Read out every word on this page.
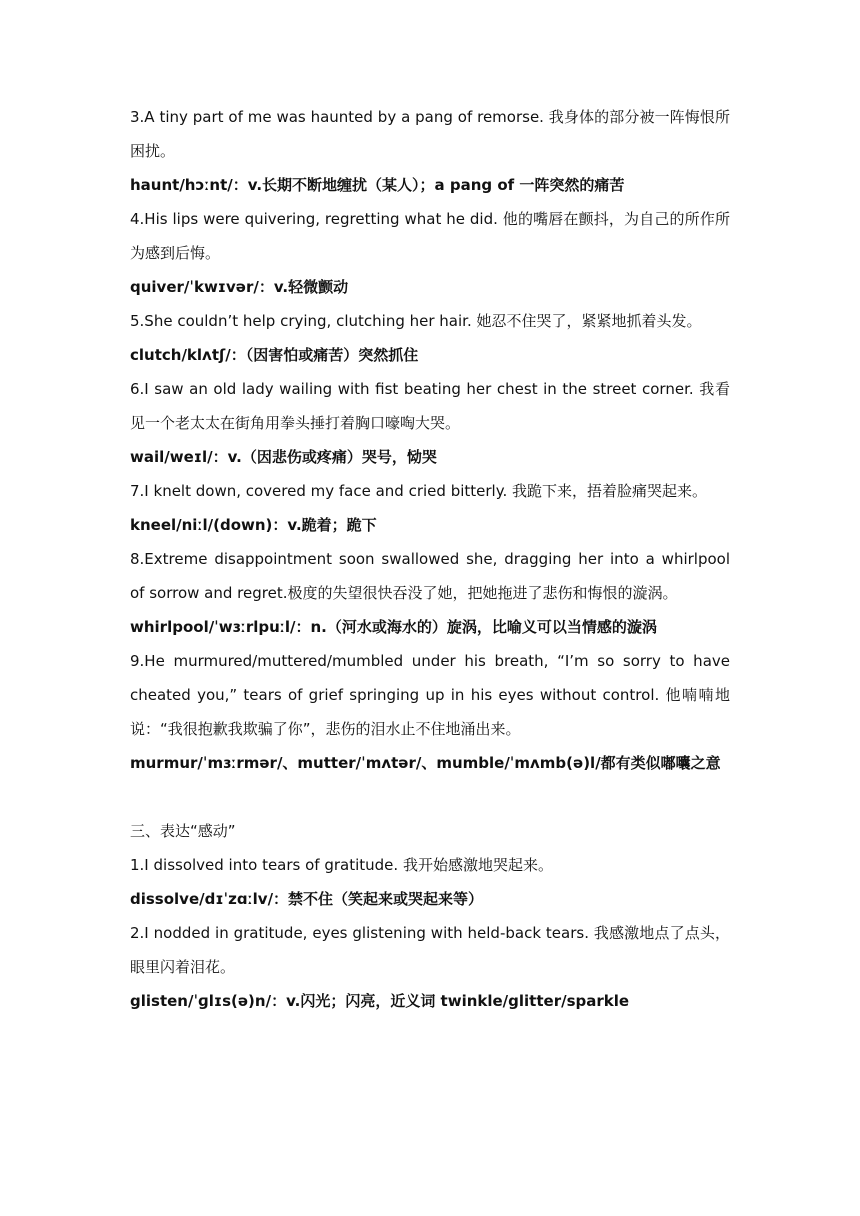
3.A tiny part of me was haunted by a pang of remorse. 我身体的部分被一阵悔恨所困扰。

haunt/hɔːnt/：v.长期不断地缠扰（某人）；a pang of 一阵突然的痛苦

4.His lips were quivering, regretting what he did. 他的嘴唇在颤抖，为自己的所作所为感到后悔。

quiver/ˈkwɪvər/：v.轻微颤动

5.She couldn’t help crying, clutching her hair. 她忍不住哭了，紧紧地抓着头发。

clutch/klʌtʃ/：（因害怕或痛苦）突然抓住

6.I saw an old lady wailing with fist beating her chest in the street corner. 我看见一个老太太在街角用拳头捶打着胸口嚎啕大哭。

wail/weɪl/：v.（因悲伤或疼痛）哭号，恸哭

7.I knelt down, covered my face and cried bitterly. 我跪下来，捂着脸痛哭起来。

kneel/niːl/(down)：v.跪着；跪下

8.Extreme disappointment soon swallowed she, dragging her into a whirlpool of sorrow and regret.极度的失望很快吞没了她，把她拖进了悲伤和悔恨的漩涡。

whirlpool/ˈwɜːrlpuːl/：n.（河水或海水的）旋涡，比喻义可以当情感的漩涡

9.He murmured/muttered/mumbled under his breath, “I’m so sorry to have cheated you,” tears of grief springing up in his eyes without control. 他喃喃地说：“我很抱歉我欺骗了你”，悲伤的泪水止不住地涌出来。

murmur/ˈmɜːrmər/、mutter/ˈmʌtər/、mumble/ˈmʌmb(ə)l/都有类似嘟囔之意

三、表达“感动”

1.I dissolved into tears of gratitude. 我开始感激地哭起来。

dissolve/dɪˈzɑːlv/：禁不住（笑起来或哭起来等）

2.I nodded in gratitude, eyes glistening with held-back tears. 我感激地点了点头，眼里闪着泪花。

glisten/ˈɡlɪs(ə)n/：v.闪光；闪亮，近义词 twinkle/glitter/sparkle
